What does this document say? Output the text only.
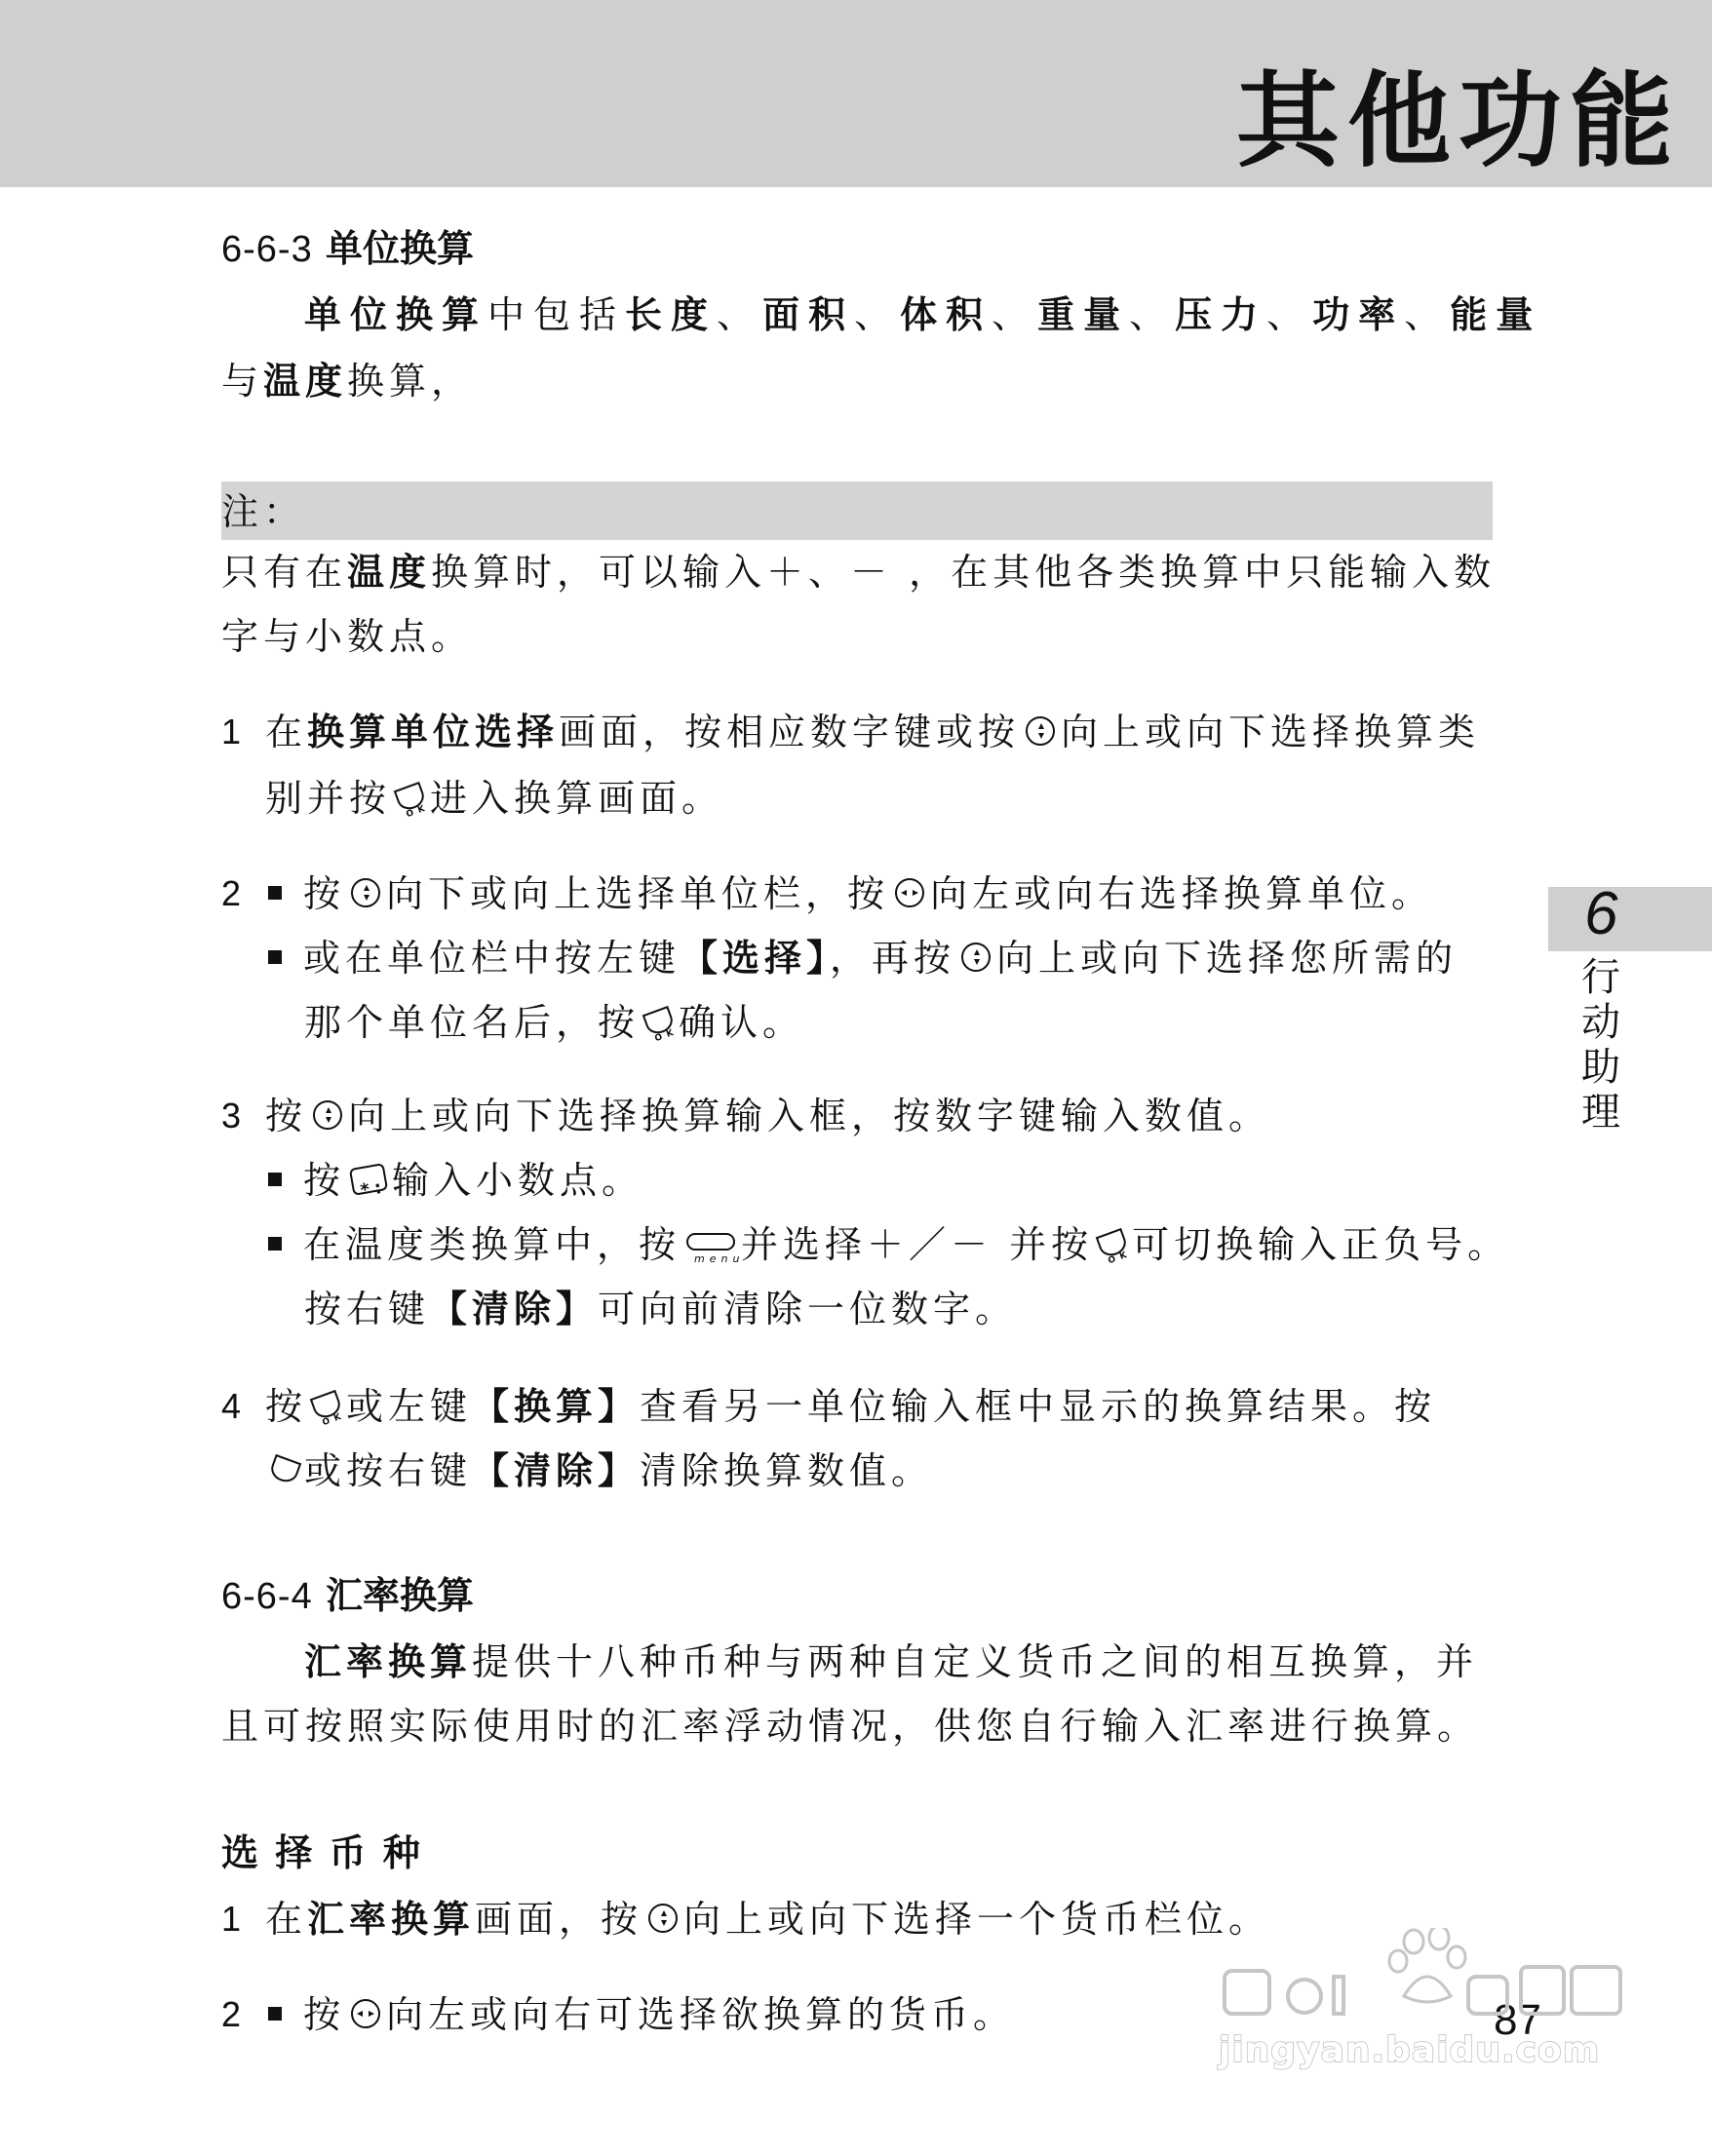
其他功能
6
行动助理
6-6-3 单位换算
单位换算中包括长度、面积、体积、重量、压力、功率、能量
与温度换算，
注：
只有在温度换算时，可以输入＋、－ ，在其他各类换算中只能输入数
字与小数点。
1 在换算单位选择画面，按相应数字键或按 向上或向下选择换算类
别并按 OK 进入换算画面。
2	按 向下或向上选择单位栏，按 向左或向右选择换算单位。
或在单位栏中按左键【选择】，再按 向上或向下选择您所需的
那个单位名后，按 OK 确认。
3 按 向上或向下选择换算输入框，按数字键输入数值。
按 *: 输入小数点。
在温度类换算中，按 menu 并选择＋／－ 并按 OK 可切换输入正负号。
按右键【清除】可向前清除一位数字。
4 按 OK 或左键【换算】查看另一单位输入框中显示的换算结果。按
或按右键【清除】清除换算数值。
6-6-4 汇率换算
汇率换算提供十八种币种与两种自定义货币之间的相互换算，并
且可按照实际使用时的汇率浮动情况，供您自行输入汇率进行换算。
选 择 币 种
1 在汇率换算画面，按 向上或向下选择一个货币栏位。
2	按 向左或向右可选择欲换算的货币。	87
jingyan.baidu.com
